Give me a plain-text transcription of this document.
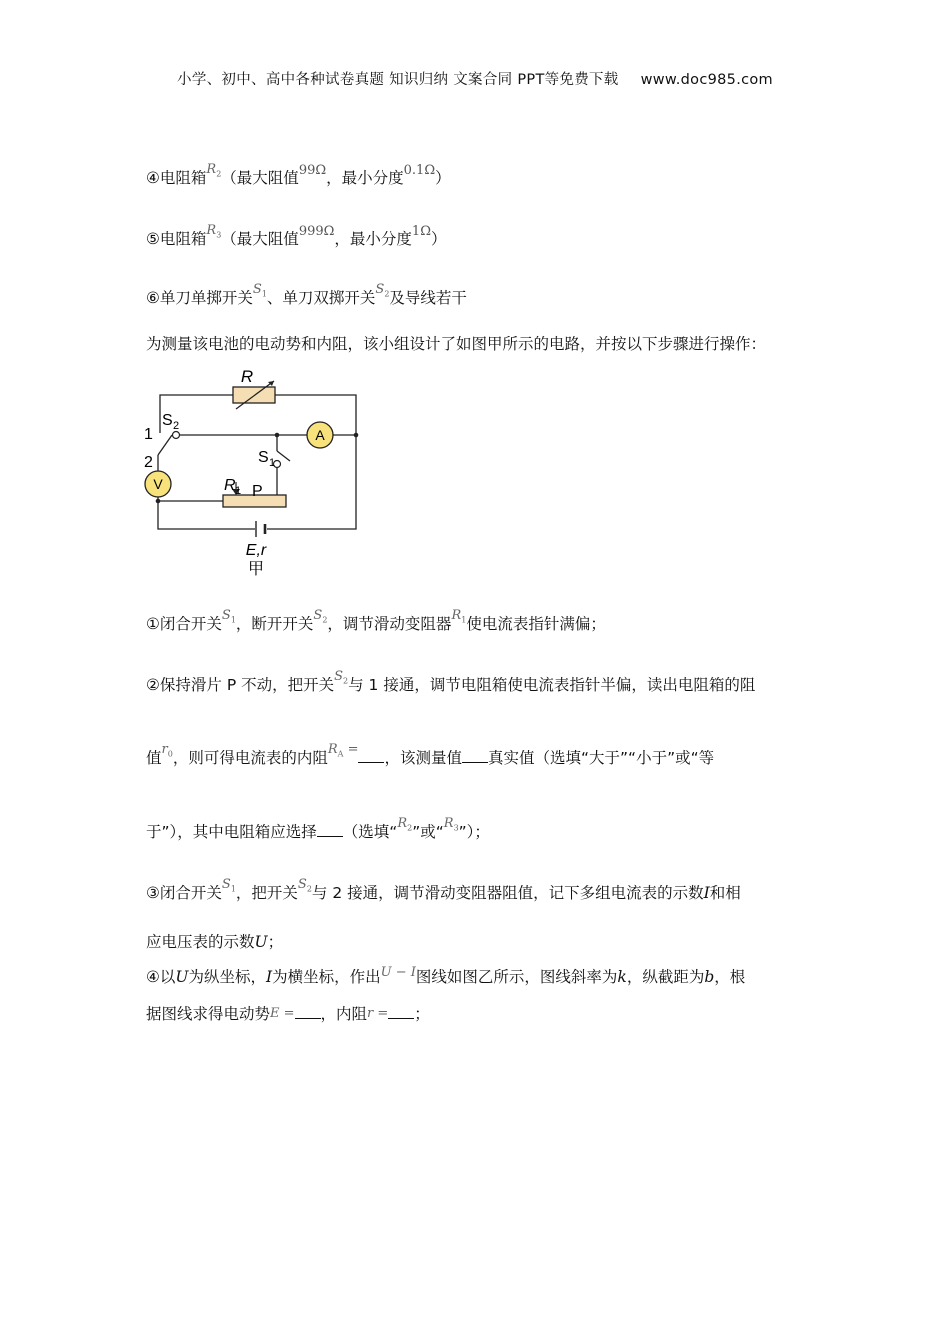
小学、初中、高中各种试卷真题 知识归纳 文案合同 PPT等免费下载 www.doc985.com
④电阻箱$^{R_2}$（最大阻值$^{99\Omega}$，最小分度$^{0.1\Omega}$）
⑤电阻箱$^{R_3}$（最大阻值$^{999\Omega}$，最小分度$^{1\Omega}$）
⑥单刀单掷开关$^{S_1}$、单刀双掷开关$^{S_2}$及导线若干
为测量该电池的电动势和内阻，该小组设计了如图甲所示的电路，并按以下步骤进行操作：
R
S 2
1
2	S 1
R 1 P
A
V
E,r
甲
①闭合开关$^{S_1}$，断开开关$^{S_2}$，调节滑动变阻器$^{R_1}$使电流表指针满偏；
②保持滑片 P 不动，把开关$^{S_2}$与 1 接通，调节电阻箱使电流表指针半偏，读出电阻箱的阻
值$^{r_0}$，则可得电流表的内阻$^{R_A =}$ ，该测量值 真实值（选填“大于”“小于”或“等
于”），其中电阻箱应选择 （选填“$^{R_2}$”或“$^{R_3}$”）；
③闭合开关$^{S_1}$，把开关$^{S_2}$与 2 接通，调节滑动变阻器阻值，记下多组电流表的示数I和相
应电压表的示数U；
④以U为纵坐标，I为横坐标，作出$^{U - I}$图线如图乙所示，图线斜率为k，纵截距为b，根
据图线求得电动势E = ，内阻r = ；
